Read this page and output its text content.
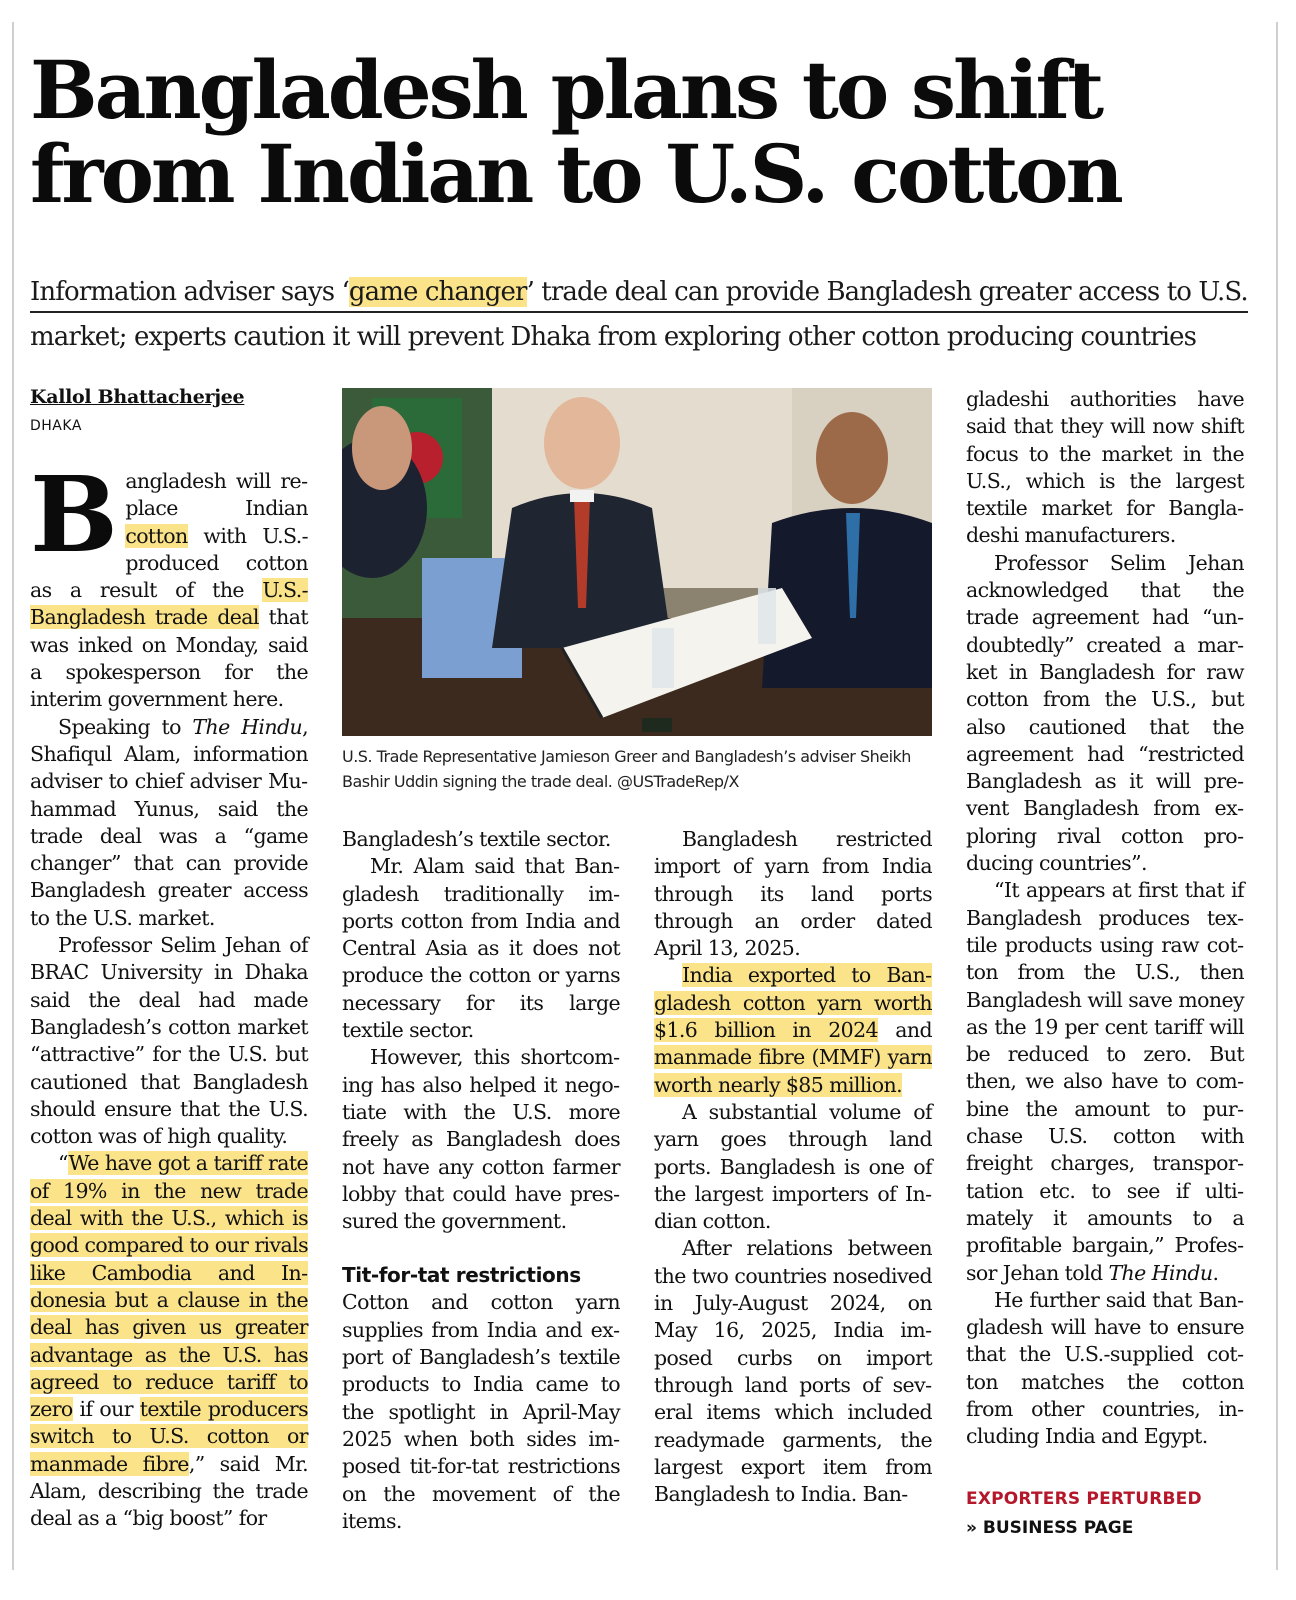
Bangladesh plans to shift
from Indian to U.S. cotton
Information adviser says ‘game changer’ trade deal can provide Bangladesh greater access to U.S.
market; experts caution it will prevent Dhaka from exploring other cotton producing countries
Kallol Bhattacherjee
DHAKA

Bangladesh will replace Indian cotton with U.S.-produced cotton as a result of the U.S.-Bangladesh trade deal that was inked on Monday, said a spokesperson for the interim government here.

Speaking to The Hindu, Shafiqul Alam, information adviser to chief adviser Muhammad Yunus, said the trade deal was a “game changer” that can provide Bangladesh greater access to the U.S. market.

Professor Selim Jehan of BRAC University in Dhaka said the deal had made Bangladesh’s cotton market “attractive” for the U.S. but cautioned that Bangladesh should ensure that the U.S. cotton was of high quality.

“We have got a tariff rate of 19% in the new trade deal with the U.S., which is good compared to our rivals like Cambodia and Indonesia but a clause in the deal has given us greater advantage as the U.S. has agreed to reduce tariff to zero if our textile producers switch to U.S. cotton or manmade fibre,” said Mr. Alam, describing the trade deal as a “big boost” for

U.S. Trade Representative Jamieson Greer and Bangladesh’s adviser Sheikh Bashir Uddin signing the trade deal. @USTradeRep/X

Bangladesh’s textile sector.

Mr. Alam said that Bangladesh traditionally imports cotton from India and Central Asia as it does not produce the cotton or yarns necessary for its large textile sector.

However, this shortcoming has also helped it negotiate with the U.S. more freely as Bangladesh does not have any cotton farmer lobby that could have pressured the government.

Tit-for-tat restrictions

Cotton and cotton yarn supplies from India and export of Bangladesh’s textile products to India came to the spotlight in April-May 2025 when both sides imposed tit-for-tat restrictions on the movement of the items.

Bangladesh restricted import of yarn from India through its land ports through an order dated April 13, 2025.

India exported to Bangladesh cotton yarn worth $1.6 billion in 2024 and manmade fibre (MMF) yarn worth nearly $85 million.

A substantial volume of yarn goes through land ports. Bangladesh is one of the largest importers of Indian cotton.

After relations between the two countries nosedived in July-August 2024, on May 16, 2025, India imposed curbs on import through land ports of several items which included readymade garments, the largest export item from Bangladesh to India. Ban-

gladeshi authorities have said that they will now shift focus to the market in the U.S., which is the largest textile market for Bangladeshi manufacturers.

Professor Selim Jehan acknowledged that the trade agreement had “undoubtedly” created a market in Bangladesh for raw cotton from the U.S., but also cautioned that the agreement had “restricted Bangladesh as it will prevent Bangladesh from exploring rival cotton producing countries”.

“It appears at first that if Bangladesh produces textile products using raw cotton from the U.S., then Bangladesh will save money as the 19 per cent tariff will be reduced to zero. But then, we also have to combine the amount to purchase U.S. cotton with freight charges, transportation etc. to see if ultimately it amounts to a profitable bargain,” Professor Jehan told The Hindu.

He further said that Bangladesh will have to ensure that the U.S.-supplied cotton matches the cotton from other countries, including India and Egypt.

EXPORTERS PERTURBED
» BUSINESS PAGE
